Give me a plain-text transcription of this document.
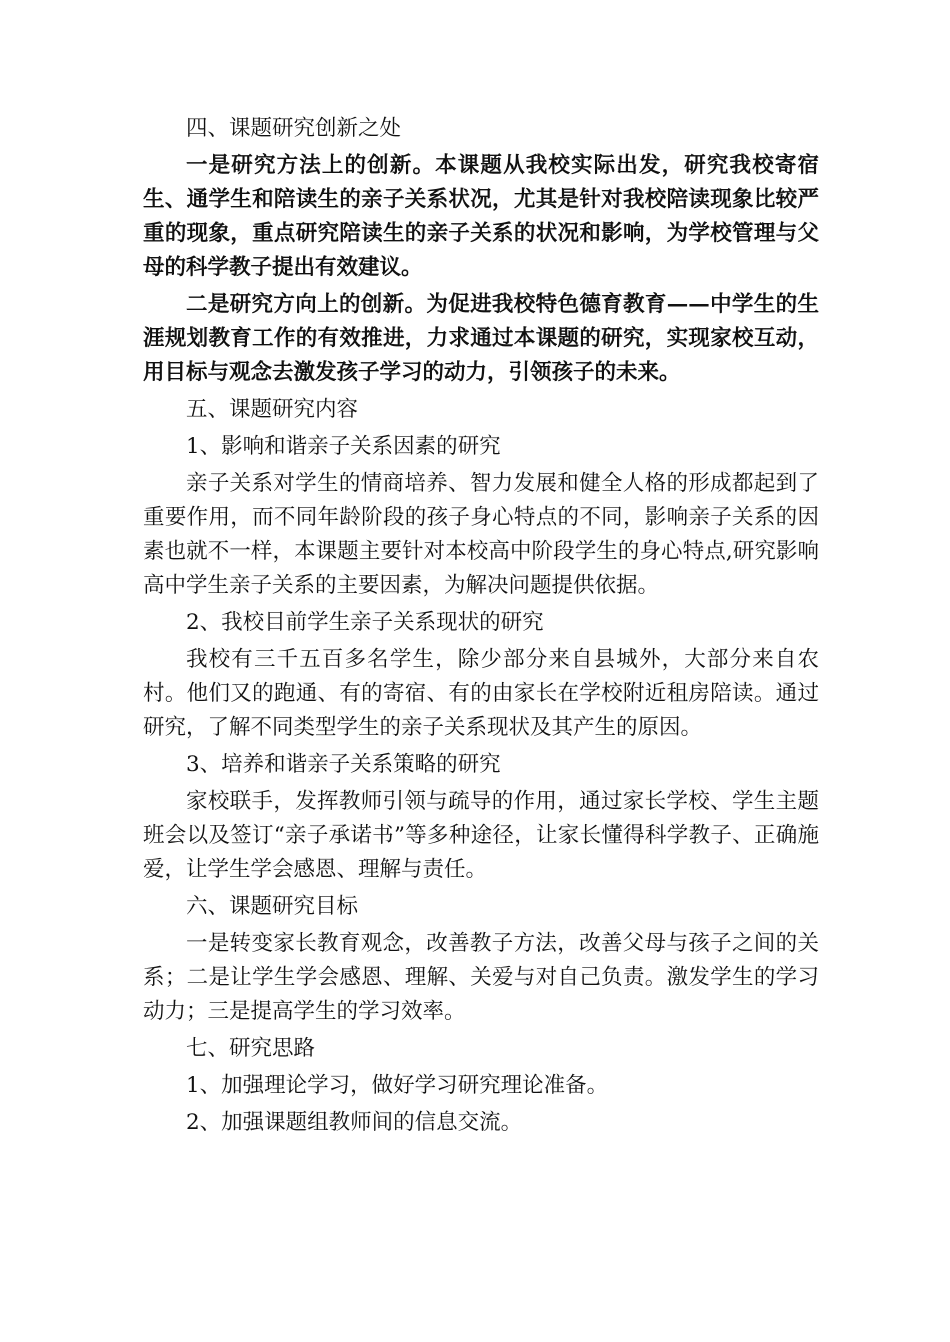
四、课题研究创新之处

一是研究方法上的创新。本课题从我校实际出发，研究我校寄宿生、通学生和陪读生的亲子关系状况，尤其是针对我校陪读现象比较严重的现象，重点研究陪读生的亲子关系的状况和影响，为学校管理与父母的科学教子提出有效建议。

二是研究方向上的创新。为促进我校特色德育教育——中学生的生涯规划教育工作的有效推进，力求通过本课题的研究，实现家校互动，用目标与观念去激发孩子学习的动力，引领孩子的未来。

五、课题研究内容

1、影响和谐亲子关系因素的研究

亲子关系对学生的情商培养、智力发展和健全人格的形成都起到了重要作用，而不同年龄阶段的孩子身心特点的不同，影响亲子关系的因素也就不一样，本课题主要针对本校高中阶段学生的身心特点,研究影响高中学生亲子关系的主要因素，为解决问题提供依据。

2、我校目前学生亲子关系现状的研究

我校有三千五百多名学生，除少部分来自县城外，大部分来自农村。他们又的跑通、有的寄宿、有的由家长在学校附近租房陪读。通过研究，了解不同类型学生的亲子关系现状及其产生的原因。

3、培养和谐亲子关系策略的研究

家校联手，发挥教师引领与疏导的作用，通过家长学校、学生主题班会以及签订“亲子承诺书”等多种途径，让家长懂得科学教子、正确施爱，让学生学会感恩、理解与责任。

六、课题研究目标

一是转变家长教育观念，改善教子方法，改善父母与孩子之间的关系；二是让学生学会感恩、理解、关爱与对自己负责。激发学生的学习动力；三是提高学生的学习效率。

七、研究思路

1、加强理论学习，做好学习研究理论准备。

2、加强课题组教师间的信息交流。
